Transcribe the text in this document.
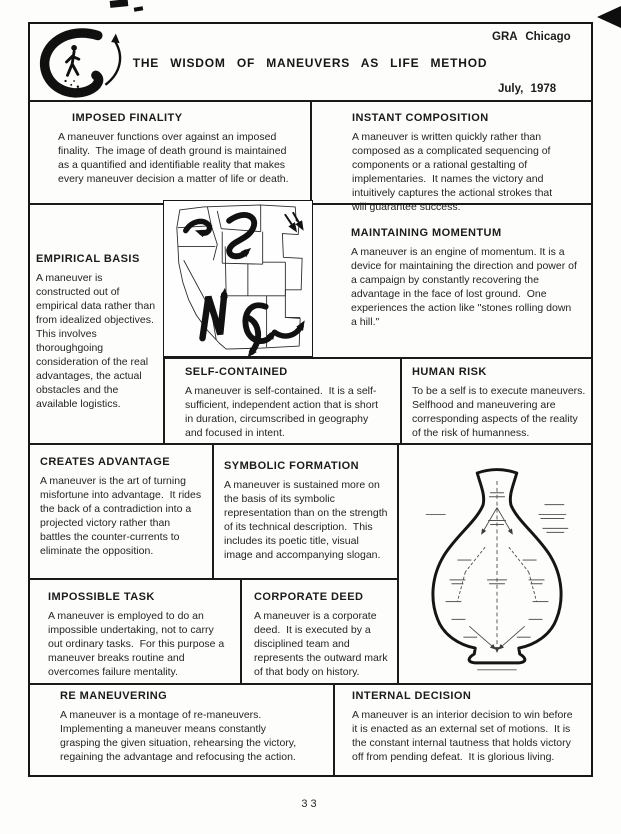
GRA Chicago
THE WISDOM OF MANEUVERS AS LIFE METHOD
July, 1978
IMPOSED FINALITY

A maneuver functions over against an imposed finality.  The image of death ground is maintained as a quantified and identifiable reality that makes every maneuver decision a matter of life or death.

INSTANT COMPOSITION

A maneuver is written quickly rather than composed as a complicated sequencing of components or a rational gestalting of implementaries.  It names the victory and intuitively captures the actional strokes that will guarantee success.

EMPIRICAL BASIS

A maneuver is constructed out of empirical data rather than from idealized objectives.  This involves thoroughgoing consideration of the real advantages, the actual obstacles and the available logistics.

MAINTAINING MOMENTUM

A maneuver is an engine of momentum. It is a device for maintaining the direction and power of a campaign by constantly recovering the advantage in the face of lost ground.  One experiences the action like "stones rolling down a hill."

SELF-CONTAINED

A maneuver is self-contained.  It is a self-sufficient, independent action that is short in duration, circumscribed in geography and focused in intent.

HUMAN RISK

To be a self is to execute maneuvers. Selfhood and maneuvering are corresponding aspects of the reality of the risk of humanness.

CREATES ADVANTAGE

A maneuver is the art of turning misfortune into advantage.  It rides the back of a contradiction into a projected victory rather than battles the counter-currents to eliminate the opposition.

SYMBOLIC FORMATION

A maneuver is sustained more on the basis of its symbolic representation than on the strength of its technical description.  This includes its poetic title, visual image and accompanying slogan.

IMPOSSIBLE TASK

A maneuver is employed to do an impossible undertaking, not to carry out ordinary tasks.  For this purpose a maneuver breaks routine and overcomes failure mentality.

CORPORATE DEED

A maneuver is a corporate deed.  It is executed by a disciplined team and represents the outward mark of that body on history.

RE MANEUVERING

A maneuver is a montage of re-maneuvers. Implementing a maneuver means constantly grasping the given situation, rehearsing the victory, regaining the advantage and refocusing the action.

INTERNAL DECISION

A maneuver is an interior decision to win before it is enacted as an external set of motions.  It is the constant internal tautness that holds victory off from pending defeat.  It is glorious living.

33
